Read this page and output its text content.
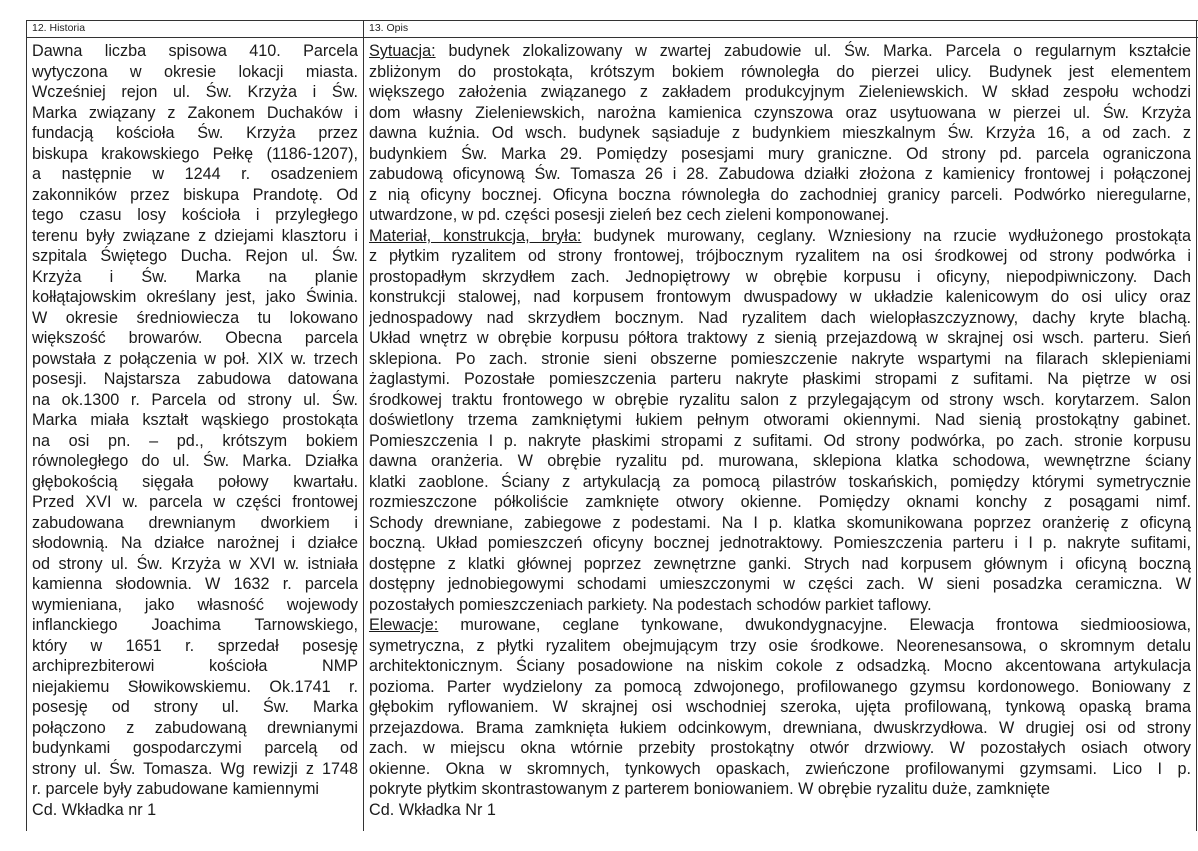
12. Historia	13. Opis
Dawna liczba spisowa 410. Parcela
wytyczona w okresie lokacji miasta.
Wcześniej rejon ul. Św. Krzyża i Św.
Marka związany z Zakonem Duchaków i
fundacją kościoła Św. Krzyża przez
biskupa krakowskiego Pełkę (1186-1207),
a następnie w 1244 r. osadzeniem
zakonników przez biskupa Prandotę. Od
tego czasu losy kościoła i przyległego
terenu były związane z dziejami klasztoru i
szpitala Świętego Ducha. Rejon ul. Św.
Krzyża i Św. Marka na planie
kołłątajowskim określany jest, jako Świnia.
W okresie średniowiecza tu lokowano
większość browarów. Obecna parcela
powstała z połączenia w poł. XIX w. trzech
posesji. Najstarsza zabudowa datowana
na ok.1300 r. Parcela od strony ul. Św.
Marka miała kształt wąskiego prostokąta
na osi pn. – pd., krótszym bokiem
równoległego do ul. Św. Marka. Działka
głębokością sięgała połowy kwartału.
Przed XVI w. parcela w części frontowej
zabudowana drewnianym dworkiem i
słodownią. Na działce narożnej i działce
od strony ul. Św. Krzyża w XVI w. istniała
kamienna słodownia. W 1632 r. parcela
wymieniana, jako własność wojewody
inflanckiego Joachima Tarnowskiego,
który w 1651 r. sprzedał posesję
archiprezbiterowi kościoła NMP
niejakiemu Słowikowskiemu. Ok.1741 r.
posesję od strony ul. Św. Marka
połączono z zabudowaną drewnianymi
budynkami gospodarczymi parcelą od
strony ul. Św. Tomasza. Wg rewizji z 1748
r. parcele były zabudowane kamiennymi
Cd. Wkładka nr 1
Sytuacja: budynek zlokalizowany w zwartej zabudowie ul. Św. Marka. Parcela o regularnym kształcie
zbliżonym do prostokąta, krótszym bokiem równoległa do pierzei ulicy. Budynek jest elementem
większego założenia związanego z zakładem produkcyjnym Zieleniewskich. W skład zespołu wchodzi
dom własny Zieleniewskich, narożna kamienica czynszowa oraz usytuowana w pierzei ul. Św. Krzyża
dawna kuźnia. Od wsch. budynek sąsiaduje z budynkiem mieszkalnym Św. Krzyża 16, a od zach. z
budynkiem Św. Marka 29. Pomiędzy posesjami mury graniczne. Od strony pd. parcela ograniczona
zabudową oficynową Św. Tomasza 26 i 28. Zabudowa działki złożona z kamienicy frontowej i połączonej
z nią oficyny bocznej. Oficyna boczna równoległa do zachodniej granicy parceli. Podwórko nieregularne,
utwardzone, w pd. części posesji zieleń bez cech zieleni komponowanej.
Materiał, konstrukcja, bryła: budynek murowany, ceglany. Wzniesiony na rzucie wydłużonego prostokąta
z płytkim ryzalitem od strony frontowej, trójbocznym ryzalitem na osi środkowej od strony podwórka i
prostopadłym skrzydłem zach. Jednopiętrowy w obrębie korpusu i oficyny, niepodpiwniczony. Dach
konstrukcji stalowej, nad korpusem frontowym dwuspadowy w układzie kalenicowym do osi ulicy oraz
jednospadowy nad skrzydłem bocznym. Nad ryzalitem dach wielopłaszczyznowy, dachy kryte blachą.
Układ wnętrz w obrębie korpusu półtora traktowy z sienią przejazdową w skrajnej osi wsch. parteru. Sień
sklepiona. Po zach. stronie sieni obszerne pomieszczenie nakryte wspartymi na filarach sklepieniami
żaglastymi. Pozostałe pomieszczenia parteru nakryte płaskimi stropami z sufitami. Na piętrze w osi
środkowej traktu frontowego w obrębie ryzalitu salon z przylegającym od strony wsch. korytarzem. Salon
doświetlony trzema zamkniętymi łukiem pełnym otworami okiennymi. Nad sienią prostokątny gabinet.
Pomieszczenia I p. nakryte płaskimi stropami z sufitami. Od strony podwórka, po zach. stronie korpusu
dawna oranżeria. W obrębie ryzalitu pd. murowana, sklepiona klatka schodowa, wewnętrzne ściany
klatki zaoblone. Ściany z artykulacją za pomocą pilastrów toskańskich, pomiędzy którymi symetrycznie
rozmieszczone półkoliście zamknięte otwory okienne. Pomiędzy oknami konchy z posągami nimf.
Schody drewniane, zabiegowe z podestami. Na I p. klatka skomunikowana poprzez oranżerię z oficyną
boczną. Układ pomieszczeń oficyny bocznej jednotraktowy. Pomieszczenia parteru i I p. nakryte sufitami,
dostępne z klatki głównej poprzez zewnętrzne ganki. Strych nad korpusem głównym i oficyną boczną
dostępny jednobiegowymi schodami umieszczonymi w części zach. W sieni posadzka ceramiczna. W
pozostałych pomieszczeniach parkiety. Na podestach schodów parkiet taflowy.
Elewacje: murowane, ceglane tynkowane, dwukondygnacyjne. Elewacja frontowa siedmioosiowa,
symetryczna, z płytki ryzalitem obejmującym trzy osie środkowe. Neorenesansowa, o skromnym detalu
architektonicznym. Ściany posadowione na niskim cokole z odsadzką. Mocno akcentowana artykulacja
pozioma. Parter wydzielony za pomocą zdwojonego, profilowanego gzymsu kordonowego. Boniowany z
głębokim ryflowaniem. W skrajnej osi wschodniej szeroka, ujęta profilowaną, tynkową opaską brama
przejazdowa. Brama zamknięta łukiem odcinkowym, drewniana, dwuskrzydłowa. W drugiej osi od strony
zach. w miejscu okna wtórnie przebity prostokątny otwór drzwiowy. W pozostałych osiach otwory
okienne. Okna w skromnych, tynkowych opaskach, zwieńczone profilowanymi gzymsami. Lico I p.
pokryte płytkim skontrastowanym z parterem boniowaniem. W obrębie ryzalitu duże, zamknięte
Cd. Wkładka Nr 1
